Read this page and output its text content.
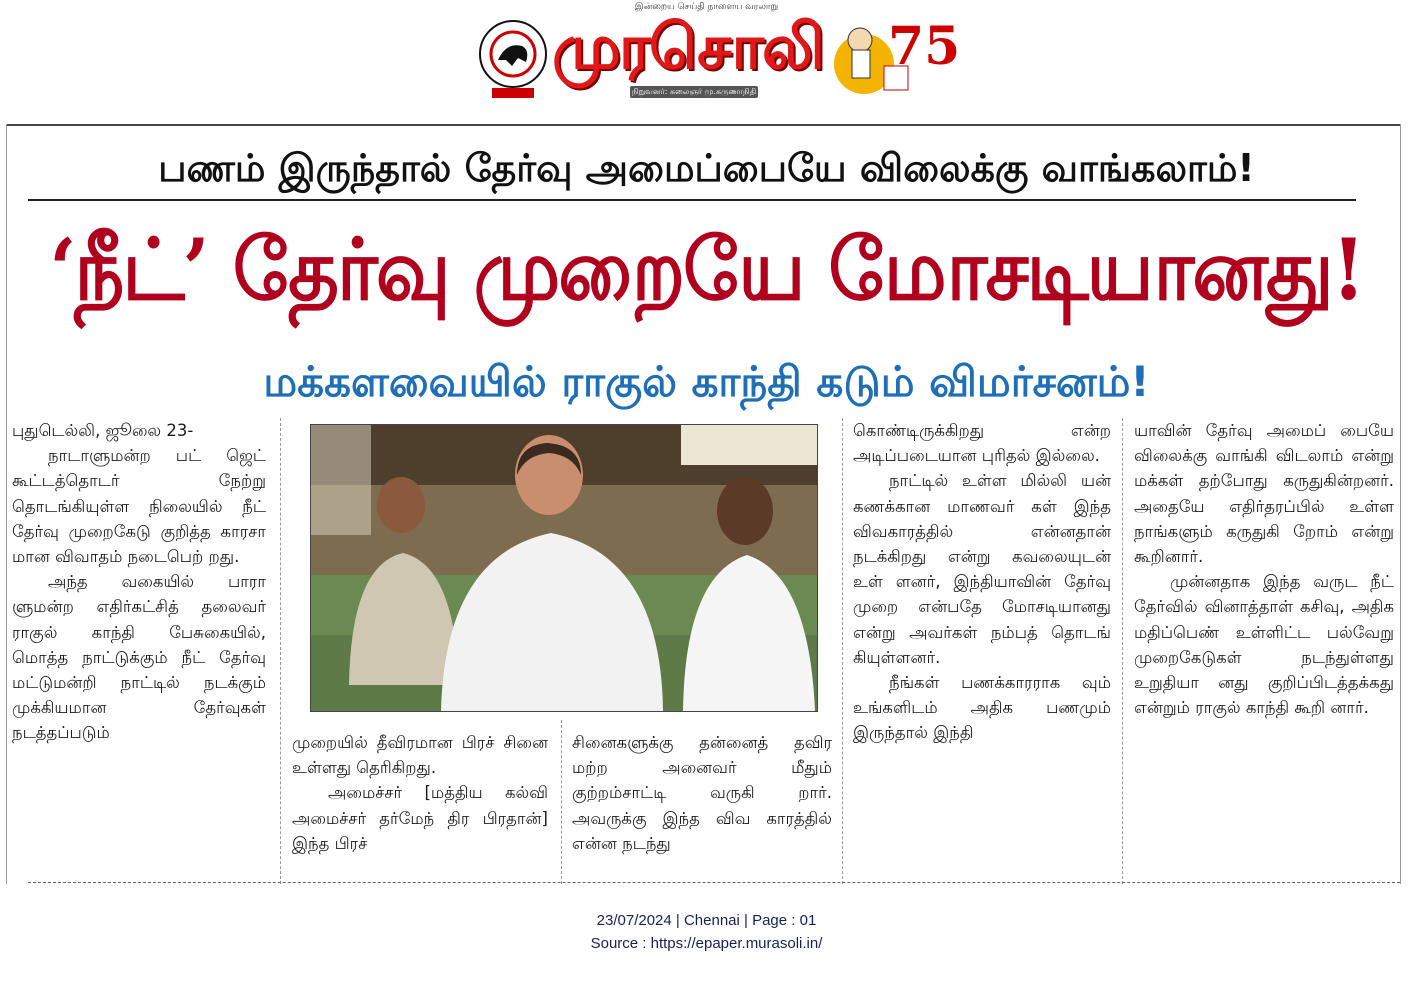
இன்றைய செய்தி நாளைய வரலாறு
முரசொலி
நிறுவனர்: கலைஞர் மு.கருணாநிதி
75
பணம் இருந்தால் தேர்வு அமைப்பையே விலைக்கு வாங்கலாம்!
‘நீட்’ தேர்வு முறையே மோசடியானது!
மக்களவையில் ராகுல் காந்தி கடும் விமர்சனம்!

புதுடெல்லி, ஜூலை 23-

நாடாளுமன்ற பட் ஜெட் கூட்டத்தொடர் நேற்று தொடங்கியுள்ள நிலையில் நீட் தேர்வு முறைகேடு குறித்த காரசா மான விவாதம் நடைபெற் றது.

அந்த வகையில் பாரா ளுமன்ற எதிர்கட்சித் தலைவர் ராகுல் காந்தி பேசுகையில், மொத்த நாட்டுக்கும் நீட் தேர்வு மட்டுமன்றி நாட்டில் நடக்கும் முக்கியமான தேர்வுகள் நடத்தப்படும்

முறையில் தீவிரமான பிரச் சினை உள்ளது தெரிகிறது.

அமைச்சர் [மத்திய கல்வி அமைச்சர் தர்மேந் திர பிரதான்] இந்த பிரச்

சினைகளுக்கு தன்னைத் தவிர மற்ற அனைவர் மீதும் குற்றம்சாட்டி வருகி றார். அவருக்கு இந்த விவ காரத்தில் என்ன நடந்து

கொண்டிருக்கிறது என்ற அடிப்படையான புரிதல் இல்லை.

நாட்டில் உள்ள மில்லி யன் கணக்கான மாணவர் கள் இந்த விவகாரத்தில் என்னதான் நடக்கிறது என்று கவலையுடன் உள் ளனர், இந்தியாவின் தேர்வு முறை என்பதே மோசடியானது என்று அவர்கள் நம்பத் தொடங் கியுள்ளனர்.

நீங்கள் பணக்காரராக வும் உங்களிடம் அதிக பணமும் இருந்தால் இந்தி

யாவின் தேர்வு அமைப் பையே விலைக்கு வாங்கி விடலாம் என்று மக்கள் தற்போது கருதுகின்றனர். அதையே எதிர்தரப்பில் உள்ள நாங்களும் கருதுகி றோம் என்று கூறினார்.

முன்னதாக இந்த வருட நீட் தேர்வில் வினாத்தாள் கசிவு, அதிக மதிப்பெண் உள்ளிட்ட பல்வேறு முறைகேடுகள் நடந்துள்ளது உறுதியா னது குறிப்பிடத்தக்கது என்றும் ராகுல் காந்தி கூறி னார்.

23/07/2024 | Chennai | Page : 01
Source : https://epaper.murasoli.in/
